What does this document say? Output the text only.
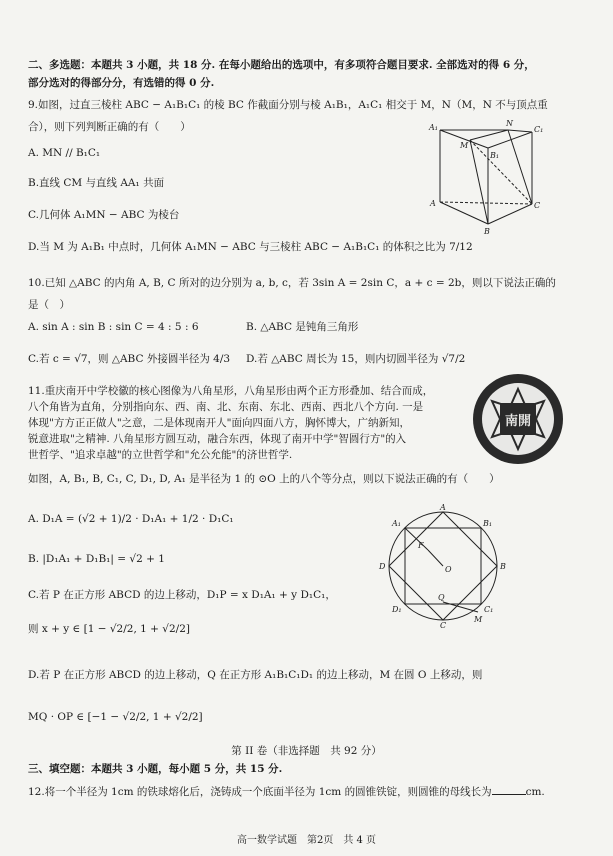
二、多选题：本题共 3 小题，共 18 分. 在每小题给出的选项中，有多项符合题目要求. 全部选对的得 6 分，
部分选对的得部分分，有选错的得 0 分.
9.如图，过直三棱柱 ABC − A₁B₁C₁ 的棱 BC 作截面分别与棱 A₁B₁，A₁C₁ 相交于 M，N（M，N 不与顶点重
合），则下列判断正确的有（　　）
A. MN // B₁C₁
B.直线 CM 与直线 AA₁ 共面
C.几何体 A₁MN − ABC 为棱台
D.当 M 为 A₁B₁ 中点时，几何体 A₁MN − ABC 与三棱柱 ABC − A₁B₁C₁ 的体积之比为 7/12
A₁	N
C₁
M
B₁
A	C
B
10.已知 △ABC 的内角 A, B, C 所对的边分别为 a, b, c，若 3sin A = 2sin C，a + c = 2b，则以下说法正确的
是（　）
A. sin A : sin B : sin C = 4 : 5 : 6	B. △ABC 是钝角三角形
C.若 c = √7，则 △ABC 外接圆半径为 4/3 D.若 △ABC 周长为 15，则内切圆半径为 √7/2
11.重庆南开中学校徽的核心图像为八角星形，八角星形由两个正方形叠加、结合而成，
八个角皆为直角，分别指向东、西、南、北、东南、东北、西南、西北八个方向. 一是
体现"方方正正做人"之意，二是体现南开人"面向四面八方，胸怀博大，广纳新知，
锐意进取"之精神. 八角星形方圆互动，融合东西，体现了南开中学"智圆行方"的入
世哲学、"追求卓越"的立世哲学和"允公允能"的济世哲学.
如图，A, B₁, B, C₁, C, D₁, D, A₁ 是半径为 1 的 ⊙O 上的八个等分点，则以下说法正确的有（　　）
南開
A. D₁A = (√2 + 1)/2 · D₁A₁ + 1/2 · D₁C₁
B. |D₁A₁ + D₁B₁| = √2 + 1
C.若 P 在正方形 ABCD 的边上移动，D₁P = x D₁A₁ + y D₁C₁，
则 x + y ∈ [1 − √2/2, 1 + √2/2]
D.若 P 在正方形 ABCD 的边上移动，Q 在正方形 A₁B₁C₁D₁ 的边上移动，M 在圆 O 上移动，则
MQ · OP ∈ [−1 − √2/2, 1 + √2/2]
A₁
A
B₁
F
D	O	B
D₁
Q
C
M
C₁
第 II 卷（非选择题　共 92 分）
三、填空题：本题共 3 小题，每小题 5 分，共 15 分.
12.将一个半径为 1cm 的铁球熔化后，浇铸成一个底面半径为 1cm 的圆锥铁锭，则圆锥的母线长为	cm.
高一数学试题　第2页　共 4 页
